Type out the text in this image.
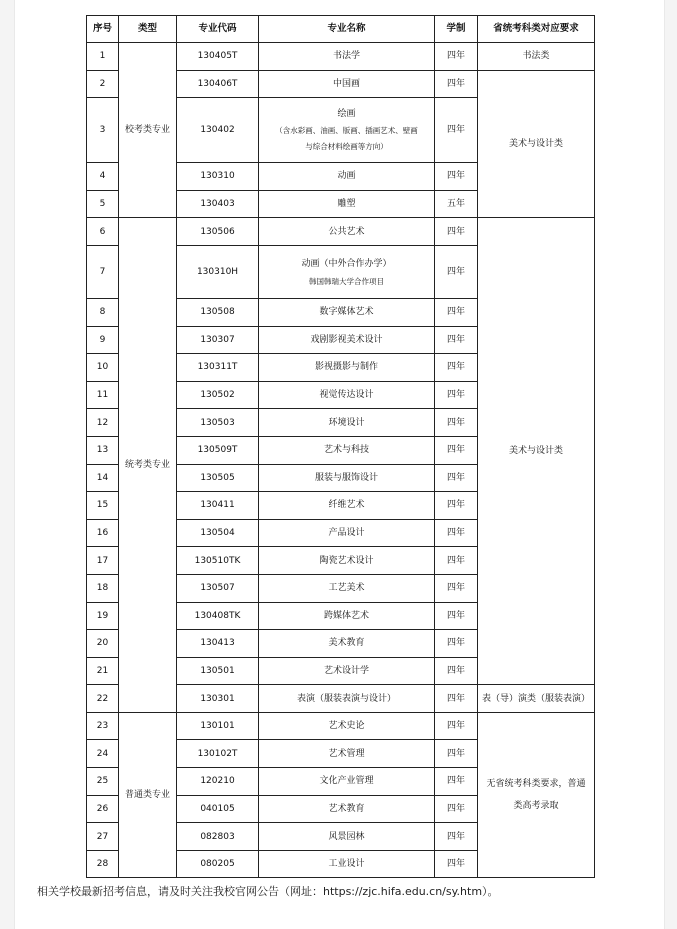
序号	类型	专业代码	专业名称	学制	省统考科类对应要求
1	校考类专业	130405T	书法学	四年	书法类
2		130406T	中国画	四年	美术与设计类
3		130402	绘画
（含水彩画、油画、版画、插画艺术、壁画
与综合材料绘画等方向）	四年	
4		130310	动画	四年	
5		130403	雕塑	五年	
6	统考类专业	130506	公共艺术	四年	美术与设计类
7		130310H	动画（中外合作办学）
韩国韩瑞大学合作项目	四年	
8		130508	数字媒体艺术	四年	
9		130307	戏剧影视美术设计	四年	
10		130311T	影视摄影与制作	四年	
11		130502	视觉传达设计	四年	
12		130503	环境设计	四年	
13		130509T	艺术与科技	四年	
14		130505	服装与服饰设计	四年	
15		130411	纤维艺术	四年	
16		130504	产品设计	四年	
17		130510TK	陶瓷艺术设计	四年	
18		130507	工艺美术	四年	
19		130408TK	跨媒体艺术	四年	
20		130413	美术教育	四年	
21		130501	艺术设计学	四年	
22		130301	表演（服装表演与设计）	四年	表（导）演类（服装表演）
23	普通类专业	130101	艺术史论	四年	无省统考科类要求，普通类高考录取
24		130102T	艺术管理	四年	
25		120210	文化产业管理	四年	
26		040105	艺术教育	四年	
27		082803	风景园林	四年	
28		080205	工业设计	四年	
相关学校最新招考信息，请及时关注我校官网公告（网址：https://zjc.hifa.edu.cn/sy.htm）。
